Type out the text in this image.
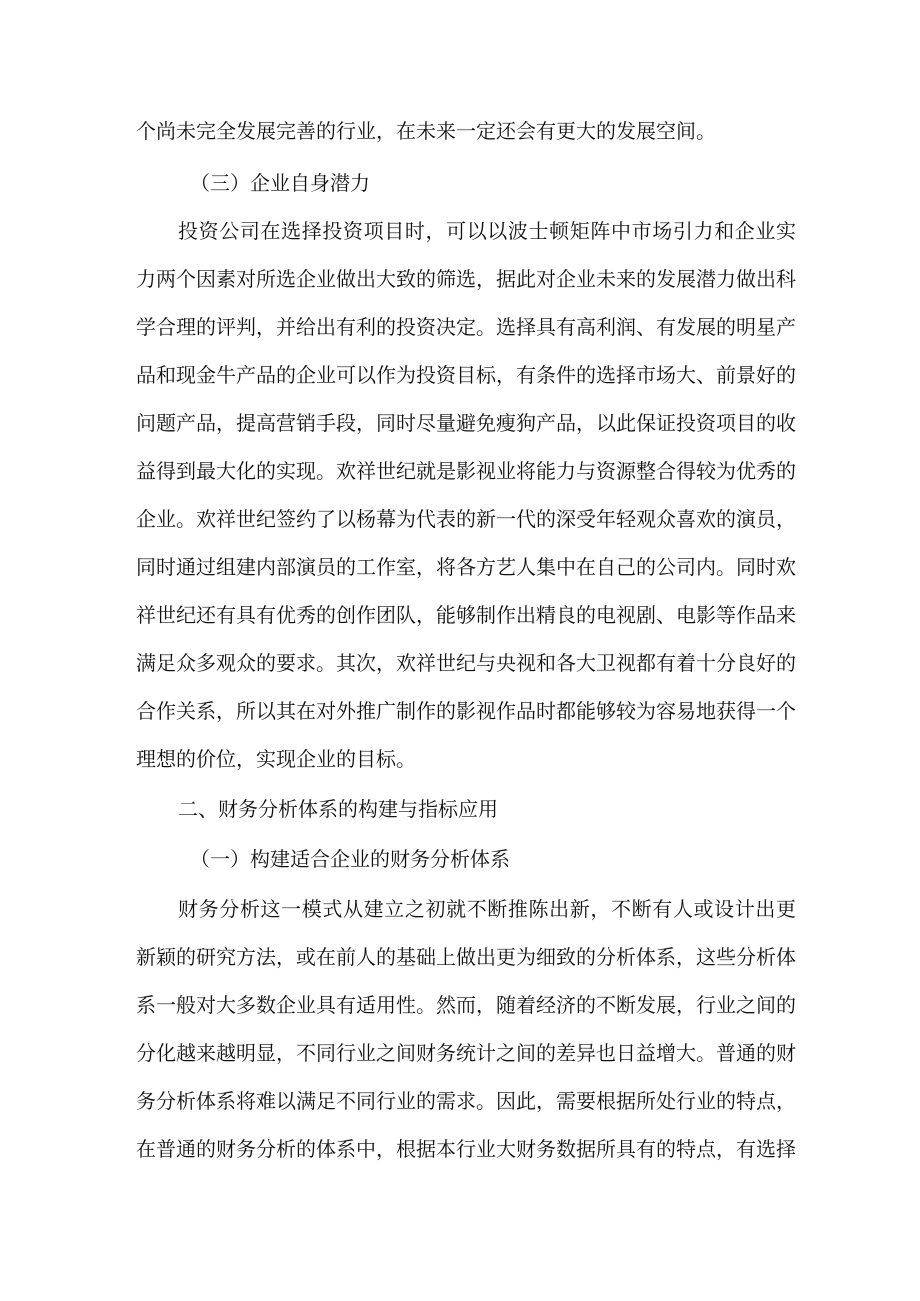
个尚未完全发展完善的行业，在未来一定还会有更大的发展空间。
（三）企业自身潜力
投资公司在选择投资项目时，可以以波士顿矩阵中市场引力和企业实
力两个因素对所选企业做出大致的筛选，据此对企业未来的发展潜力做出科
学合理的评判，并给出有利的投资决定。选择具有高利润、有发展的明星产
品和现金牛产品的企业可以作为投资目标，有条件的选择市场大、前景好的
问题产品，提高营销手段，同时尽量避免瘦狗产品，以此保证投资项目的收
益得到最大化的实现。欢祥世纪就是影视业将能力与资源整合得较为优秀的
企业。欢祥世纪签约了以杨幕为代表的新一代的深受年轻观众喜欢的演员，
同时通过组建内部演员的工作室，将各方艺人集中在自己的公司内。同时欢
祥世纪还有具有优秀的创作团队，能够制作出精良的电视剧、电影等作品来
满足众多观众的要求。其次，欢祥世纪与央视和各大卫视都有着十分良好的
合作关系，所以其在对外推广制作的影视作品时都能够较为容易地获得一个
理想的价位，实现企业的目标。
二、财务分析体系的构建与指标应用
（一）构建适合企业的财务分析体系
财务分析这一模式从建立之初就不断推陈出新，不断有人或设计出更
新颖的研究方法，或在前人的基础上做出更为细致的分析体系，这些分析体
系一般对大多数企业具有适用性。然而，随着经济的不断发展，行业之间的
分化越来越明显，不同行业之间财务统计之间的差异也日益增大。普通的财
务分析体系将难以满足不同行业的需求。因此，需要根据所处行业的特点，
在普通的财务分析的体系中，根据本行业大财务数据所具有的特点，有选择
